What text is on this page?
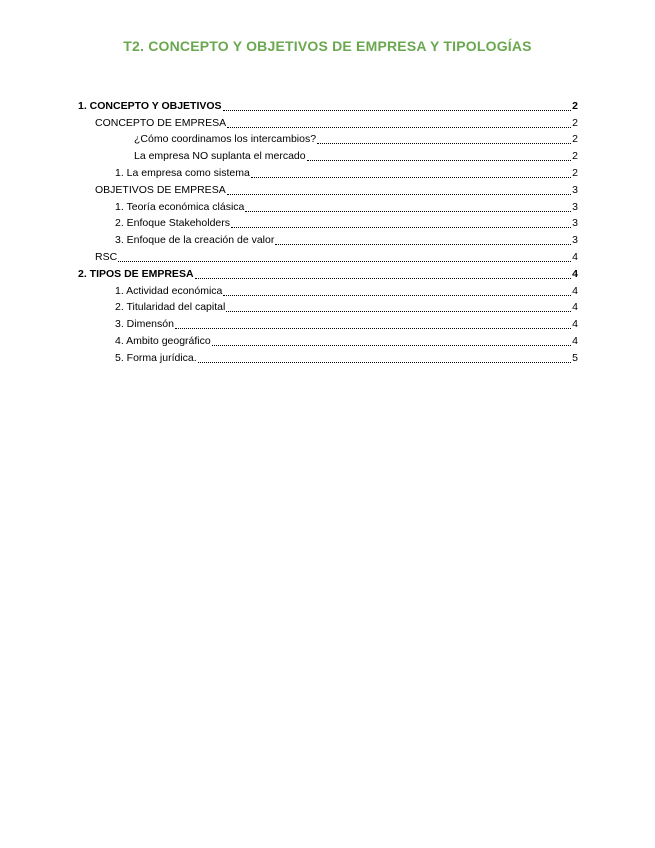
T2. CONCEPTO Y OBJETIVOS DE EMPRESA Y TIPOLOGÍAS
1. CONCEPTO Y OBJETIVOS	2
CONCEPTO DE EMPRESA	2
¿Cómo coordinamos los intercambios?	2
La empresa NO suplanta el mercado	2
1. La empresa como sistema	2
OBJETIVOS DE EMPRESA	3
1. Teoría económica clásica	3
2. Enfoque Stakeholders	3
3. Enfoque de la creación de valor	3
RSC	4
2. TIPOS DE EMPRESA	4
1. Actividad económica	4
2. Titularidad del capital	4
3. Dimensón	4
4. Ambito geográfico	4
5. Forma jurídica.	5
